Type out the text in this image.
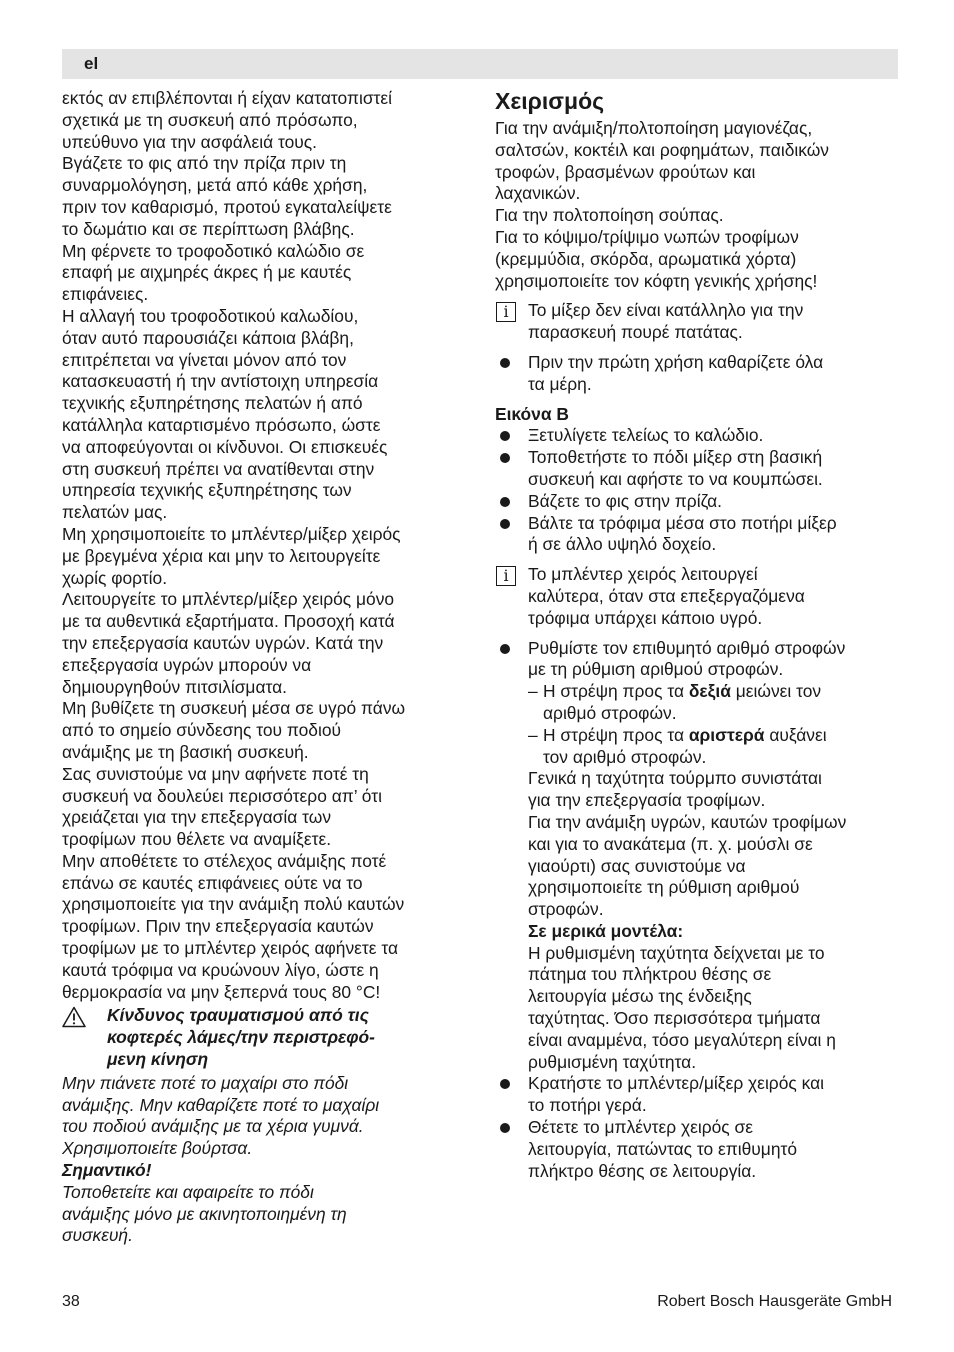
el

εκτός αν επιβλέπονται ή είχαν κατατοπιστεί
σχετικά με τη συσκευή από πρόσωπο,
υπεύθυνο για την ασφάλειά τους.

Βγάζετε το φις από την πρίζα πριν τη
συναρμολόγηση, μετά από κάθε χρήση,
πριν τον καθαρισμό, προτού εγκαταλείψετε
το δωμάτιο και σε περίπτωση βλάβης.

Μη φέρνετε το τροφοδοτικό καλώδιο σε
επαφή με αιχμηρές άκρες ή με καυτές
επιφάνειες.

Η αλλαγή του τροφοδοτικού καλωδίου,
όταν αυτό παρουσιάζει κάποια βλάβη,
επιτρέπεται να γίνεται μόνον από τον
κατασκευαστή ή την αντίστοιχη υπηρεσία
τεχνικής εξυπηρέτησης πελατών ή από
κατάλληλα καταρτισμένο πρόσωπο, ώστε
να αποφεύγονται οι κίνδυνοι. Οι επισκευές
στη συσκευή πρέπει να ανατίθενται στην
υπηρεσία τεχνικής εξυπηρέτησης των
πελατών μας.

Μη χρησιμοποιείτε το μπλέντερ/μίξερ χειρός
με βρεγμένα χέρια και μην το λειτουργείτε
χωρίς φορτίο.

Λειτουργείτε το μπλέντερ/μίξερ χειρός μόνο
με τα αυθεντικά εξαρτήματα. Προσοχή κατά
την επεξεργασία καυτών υγρών. Κατά την
επεξεργασία υγρών μπορούν να
δημιουργηθούν πιτσιλίσματα.

Μη βυθίζετε τη συσκευή μέσα σε υγρό πάνω
από το σημείο σύνδεσης του ποδιού
ανάμιξης με τη βασική συσκευή.

Σας συνιστούμε να μην αφήνετε ποτέ τη
συσκευή να δουλεύει περισσότερο απ’ ότι
χρειάζεται για την επεξεργασία των
τροφίμων που θέλετε να αναμίξετε.

Μην αποθέτετε το στέλεχος ανάμιξης ποτέ
επάνω σε καυτές επιφάνειες ούτε να το
χρησιμοποιείτε για την ανάμιξη πολύ καυτών
τροφίμων. Πριν την επεξεργασία καυτών
τροφίμων με το μπλέντερ χειρός αφήνετε τα
καυτά τρόφιμα να κρυώνουν λίγο, ώστε η
θερμοκρασία να μην ξεπερνά τους 80 °C!

Κίνδυνος τραυματισμού από τις
κοφτερές λάμες/την περιστρεφό-
μενη κίνηση

Μην πιάνετε ποτέ το μαχαίρι στο πόδι
ανάμιξης. Μην καθαρίζετε ποτέ το μαχαίρι
του ποδιού ανάμιξης με τα χέρια γυμνά.
Χρησιμοποιείτε βούρτσα.

Σημαντικό!

Τοποθετείτε και αφαιρείτε το πόδι
ανάμιξης μόνο με ακινητοποιημένη τη
συσκευή.

Χειρισμός

Για την ανάμιξη/πολτοποίηση μαγιονέζας,
σαλτσών, κοκτέιλ και ροφημάτων, παιδικών
τροφών, βρασμένων φρούτων και
λαχανικών.

Για την πολτοποίηση σούπας.

Για το κόψιμο/τρίψιμο νωπών τροφίμων
(κρεμμύδια, σκόρδα, αρωματικά χόρτα)
χρησιμοποιείτε τον κόφτη γενικής χρήσης!

i	Το μίξερ δεν είναι κατάλληλο για την
παρασκευή πουρέ πατάτας.
Πριν την πρώτη χρήση καθαρίζετε όλα
τα μέρη.
Εικόνα B
Ξετυλίγετε τελείως το καλώδιο.
Τοποθετήστε το πόδι μίξερ στη βασική
συσκευή και αφήστε το να κουμπώσει.
Βάζετε το φις στην πρίζα.
Βάλτε τα τρόφιμα μέσα στο ποτήρι μίξερ
ή σε άλλο υψηλό δοχείο.
i	Το μπλέντερ χειρός λειτουργεί
καλύτερα, όταν στα επεξεργαζόμενα
τρόφιμα υπάρχει κάποιο υγρό.
Ρυθμίστε τον επιθυμητό αριθμό στροφών
με τη ρύθμιση αριθμού στροφών.
– Η στρέψη προς τα δεξιά μειώνει τον
αριθμό στροφών.
– Η στρέψη προς τα αριστερά αυξάνει
τον αριθμό στροφών.
Γενικά η ταχύτητα τούρμπο συνιστάται
για την επεξεργασία τροφίμων.
Για την ανάμιξη υγρών, καυτών τροφίμων
και για το ανακάτεμα (π. χ. μούσλι σε
γιαούρτι) σας συνιστούμε να
χρησιμοποιείτε τη ρύθμιση αριθμού
στροφών.
Σε μερικά μοντέλα:
Η ρυθμισμένη ταχύτητα δείχνεται με το
πάτημα του πλήκτρου θέσης σε
λειτουργία μέσω της ένδειξης
ταχύτητας. Όσο περισσότερα τμήματα
είναι αναμμένα, τόσο μεγαλύτερη είναι η
ρυθμισμένη ταχύτητα.
Κρατήστε το μπλέντερ/μίξερ χειρός και
το ποτήρι γερά.
Θέτετε το μπλέντερ χειρός σε
λειτουργία, πατώντας το επιθυμητό
πλήκτρο θέσης σε λειτουργία.
38	Robert Bosch Hausgeräte GmbH
